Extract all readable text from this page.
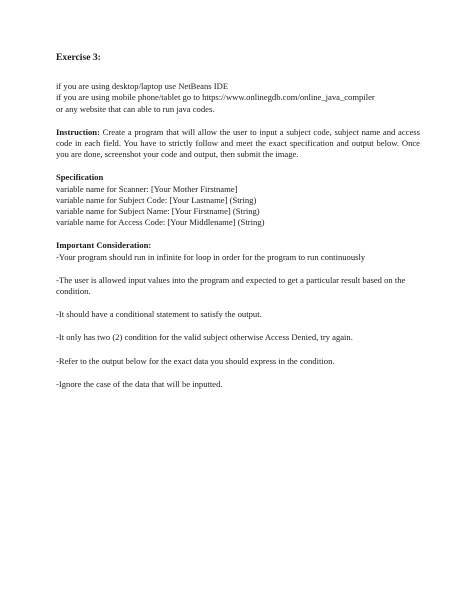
Exercise 3:
if you are using desktop/laptop use NetBeans IDE
if you are using mobile phone/tablet go to https://www.onlinegdb.com/online_java_compiler
or any website that can able to run java codes.
Instruction: Create a program that will allow the user to input a subject code, subject name and access code in each field. You have to strictly follow and meet the exact specification and output below. Once you are done, screenshot your code and output, then submit the image.
Specification
variable name for Scanner: [Your Mother Firstname]
variable name for Subject Code: [Your Lastname] (String)
variable name for Subject Name: [Your Firstname] (String)
variable name for Access Code: [Your Middlename] (String)
Important Consideration:
-Your program should run in infinite for loop in order for the program to run continuously
-The user is allowed input values into the program and expected to get a particular result based on the condition.
-It should have a conditional statement to satisfy the output.
-It only has two (2) condition for the valid subject otherwise Access Denied, try again.
-Refer to the output below for the exact data you should express in the condition.
-Ignore the case of the data that will be inputted.
